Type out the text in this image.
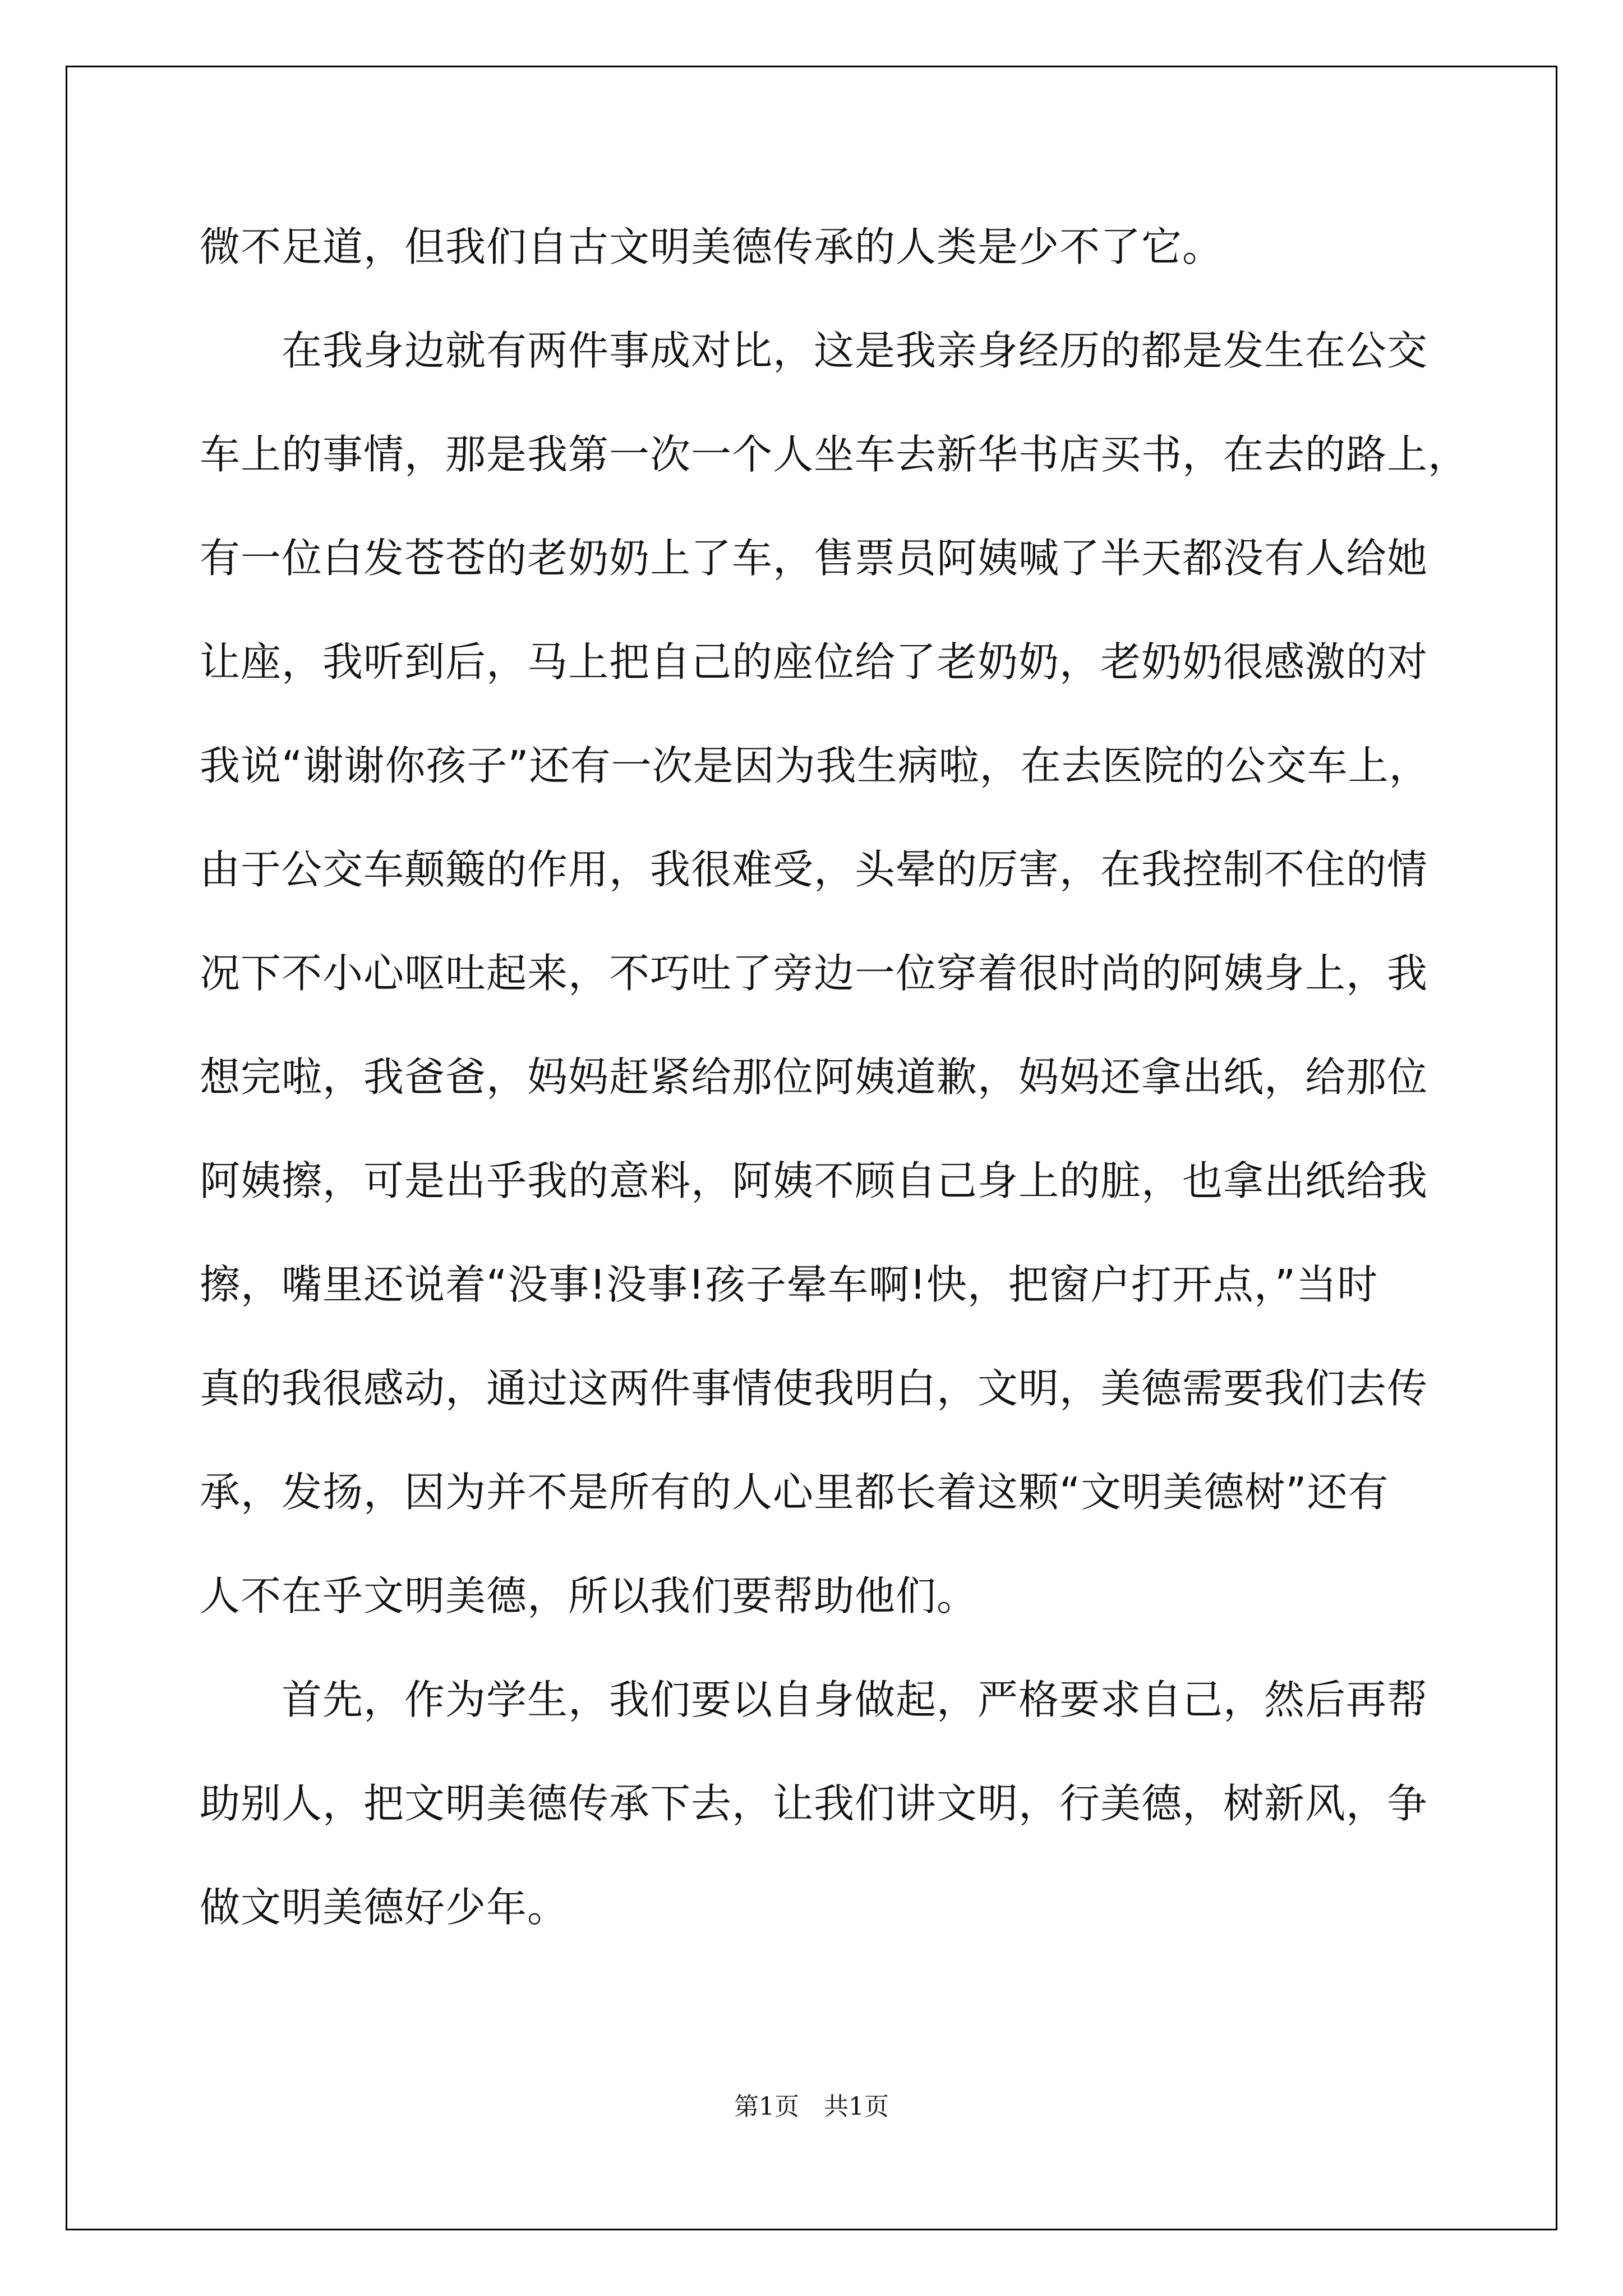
微不足道，但我们自古文明美德传承的人类是少不了它。
在我身边就有两件事成对比，这是我亲身经历的都是发生在公交
车上的事情，那是我第一次一个人坐车去新华书店买书，在去的路上，
有一位白发苍苍的老奶奶上了车，售票员阿姨喊了半天都没有人给她
让座，我听到后，马上把自己的座位给了老奶奶，老奶奶很感激的对
我说“谢谢你孩子”还有一次是因为我生病啦，在去医院的公交车上，
由于公交车颠簸的作用，我很难受，头晕的厉害，在我控制不住的情
况下不小心呕吐起来，不巧吐了旁边一位穿着很时尚的阿姨身上，我
想完啦，我爸爸，妈妈赶紧给那位阿姨道歉，妈妈还拿出纸，给那位
阿姨擦，可是出乎我的意料，阿姨不顾自己身上的脏，也拿出纸给我
擦，嘴里还说着“没事!没事!孩子晕车啊!快，把窗户打开点，”当时
真的我很感动，通过这两件事情使我明白，文明，美德需要我们去传
承，发扬，因为并不是所有的人心里都长着这颗“文明美德树”还有
人不在乎文明美德，所以我们要帮助他们。
首先，作为学生，我们要以自身做起，严格要求自己，然后再帮
助别人，把文明美德传承下去，让我们讲文明，行美德，树新风，争
做文明美德好少年。
第1页　共1页
